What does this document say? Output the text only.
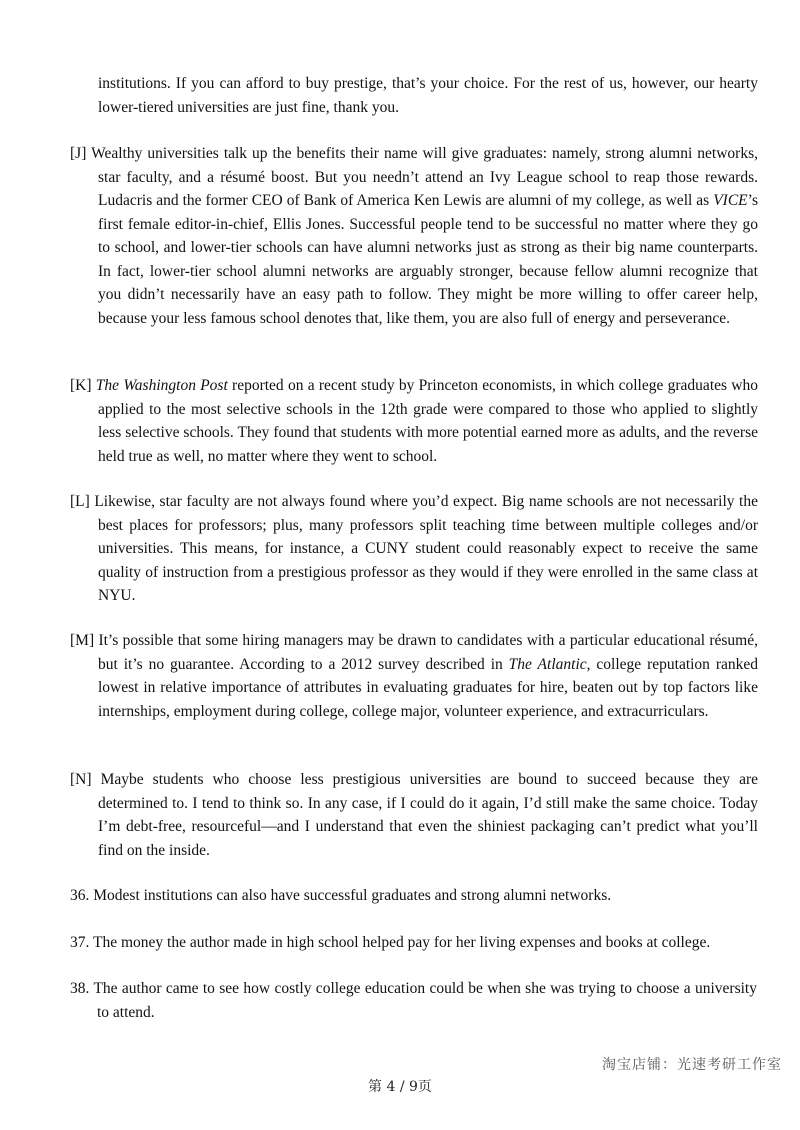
institutions. If you can afford to buy prestige, that’s your choice. For the rest of us, however, our hearty lower-tiered universities are just fine, thank you.
[J] Wealthy universities talk up the benefits their name will give graduates: namely, strong alumni networks, star faculty, and a résumé boost. But you needn’t attend an Ivy League school to reap those rewards. Ludacris and the former CEO of Bank of America Ken Lewis are alumni of my college, as well as VICE’s first female editor-in-chief, Ellis Jones. Successful people tend to be successful no matter where they go to school, and lower-tier schools can have alumni networks just as strong as their big name counterparts. In fact, lower-tier school alumni networks are arguably stronger, because fellow alumni recognize that you didn’t necessarily have an easy path to follow. They might be more willing to offer career help, because your less famous school denotes that, like them, you are also full of energy and perseverance.
[K] The Washington Post reported on a recent study by Princeton economists, in which college graduates who applied to the most selective schools in the 12th grade were compared to those who applied to slightly less selective schools. They found that students with more potential earned more as adults, and the reverse held true as well, no matter where they went to school.
[L] Likewise, star faculty are not always found where you’d expect. Big name schools are not necessarily the best places for professors; plus, many professors split teaching time between multiple colleges and/or universities. This means, for instance, a CUNY student could reasonably expect to receive the same quality of instruction from a prestigious professor as they would if they were enrolled in the same class at NYU.
[M] It’s possible that some hiring managers may be drawn to candidates with a particular educational résumé, but it’s no guarantee. According to a 2012 survey described in The Atlantic, college reputation ranked lowest in relative importance of attributes in evaluating graduates for hire, beaten out by top factors like internships, employment during college, college major, volunteer experience, and extracurriculars.
[N] Maybe students who choose less prestigious universities are bound to succeed because they are determined to. I tend to think so. In any case, if I could do it again, I’d still make the same choice. Today I’m debt-free, resourceful—and I understand that even the shiniest packaging can’t predict what you’ll find on the inside.
36. Modest institutions can also have successful graduates and strong alumni networks.
37. The money the author made in high school helped pay for her living expenses and books at college.
38. The author came to see how costly college education could be when she was trying to choose a university to attend.
淘宝店铺：光速考研工作室
第 4 / 9页
